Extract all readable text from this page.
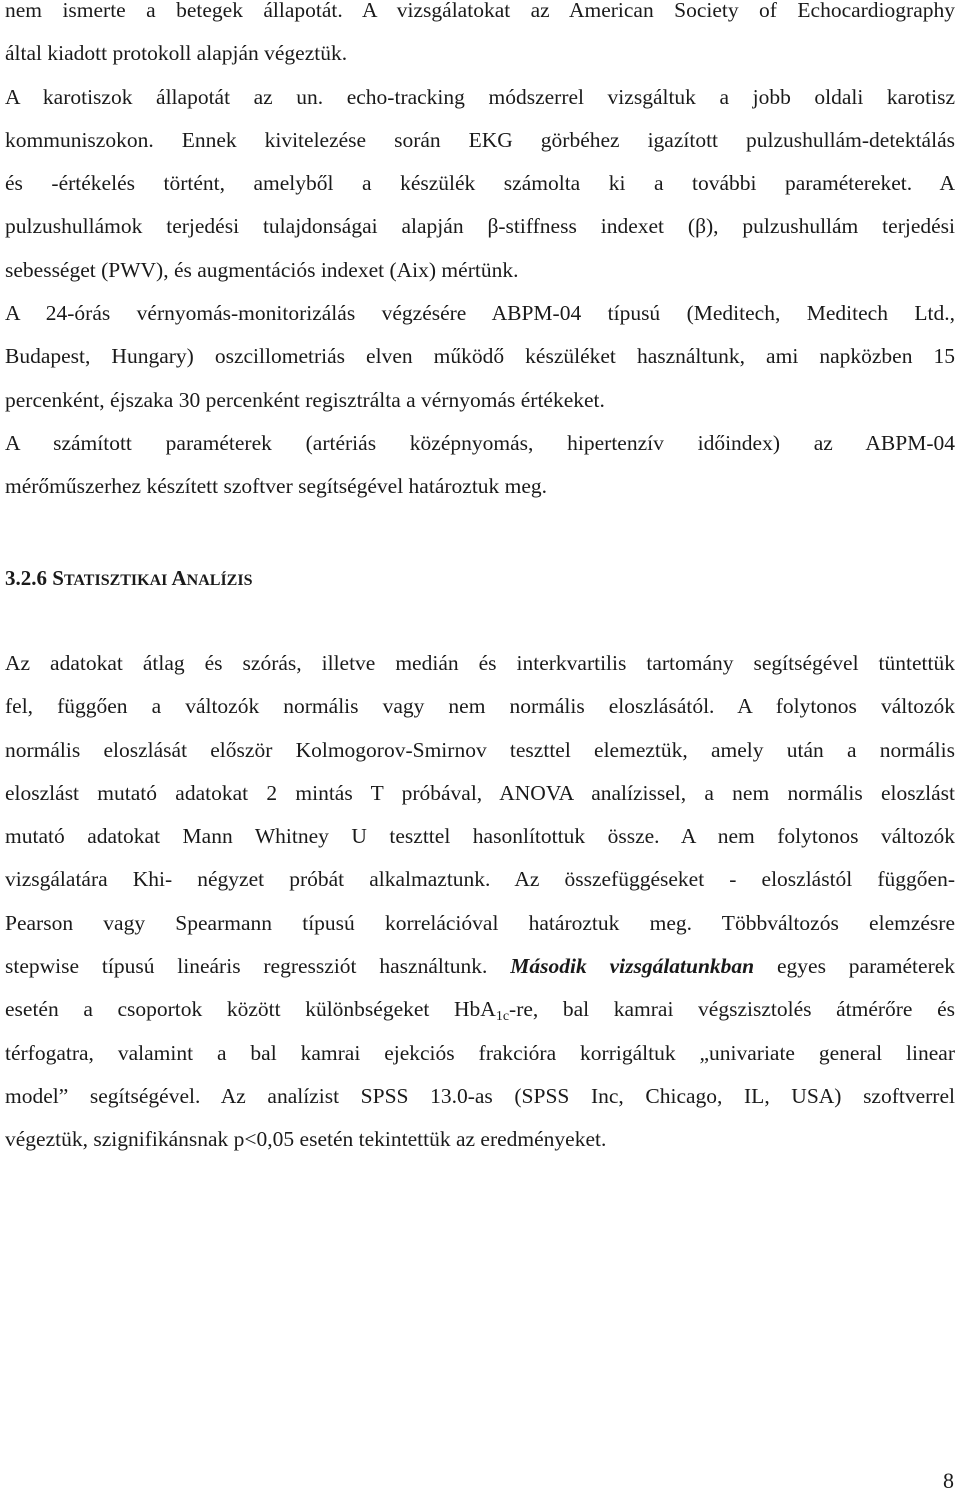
nem ismerte a betegek állapotát. A vizsgálatokat az American Society of Echocardiography
által kiadott protokoll alapján végeztük.
A karotiszok állapotát az un. echo-tracking módszerrel vizsgáltuk a jobb oldali karotisz
kommuniszokon. Ennek kivitelezése során EKG görbéhez igazított pulzushullám-detektálás
és -értékelés történt, amelyből a készülék számolta ki a további paramétereket. A
pulzushullámok terjedési tulajdonságai alapján β-stiffness indexet (β), pulzushullám terjedési
sebességet (PWV), és augmentációs indexet (Aix) mértünk.
A 24-órás vérnyomás-monitorizálás végzésére ABPM-04 típusú (Meditech, Meditech Ltd.,
Budapest, Hungary) oszcillometriás elven működő készüléket használtunk, ami napközben 15
percenként, éjszaka 30 percenként regisztrálta a vérnyomás értékeket.
A számított paraméterek (artériás középnyomás, hipertenzív időindex) az ABPM-04
mérőműszerhez készített szoftver segítségével határoztuk meg.
3.2.6 STATISZTIKAI ANALÍZIS
Az adatokat átlag és szórás, illetve medián és interkvartilis tartomány segítségével tüntettük
fel, függően a változók normális vagy nem normális eloszlásától. A folytonos változók
normális eloszlását először Kolmogorov-Smirnov teszttel elemeztük, amely után a normális
eloszlást mutató adatokat 2 mintás T próbával, ANOVA analízissel, a nem normális eloszlást
mutató adatokat Mann Whitney U teszttel hasonlítottuk össze. A nem folytonos változók
vizsgálatára Khi- négyzet próbát alkalmaztunk. Az összefüggéseket - eloszlástól függően-
Pearson vagy Spearmann típusú korrelációval határoztuk meg. Többváltozós elemzésre
stepwise típusú lineáris regressziót használtunk. Második vizsgálatunkban egyes paraméterek
esetén a csoportok között különbségeket HbA$_{1c}$-re, bal kamrai végszisztolés átmérőre és
térfogatra, valamint a bal kamrai ejekciós frakcióra korrigáltuk „univariate general linear
model” segítségével. Az analízist SPSS 13.0-as (SPSS Inc, Chicago, IL, USA) szoftverrel
végeztük, szignifikánsnak p<0,05 esetén tekintettük az eredményeket.
8
